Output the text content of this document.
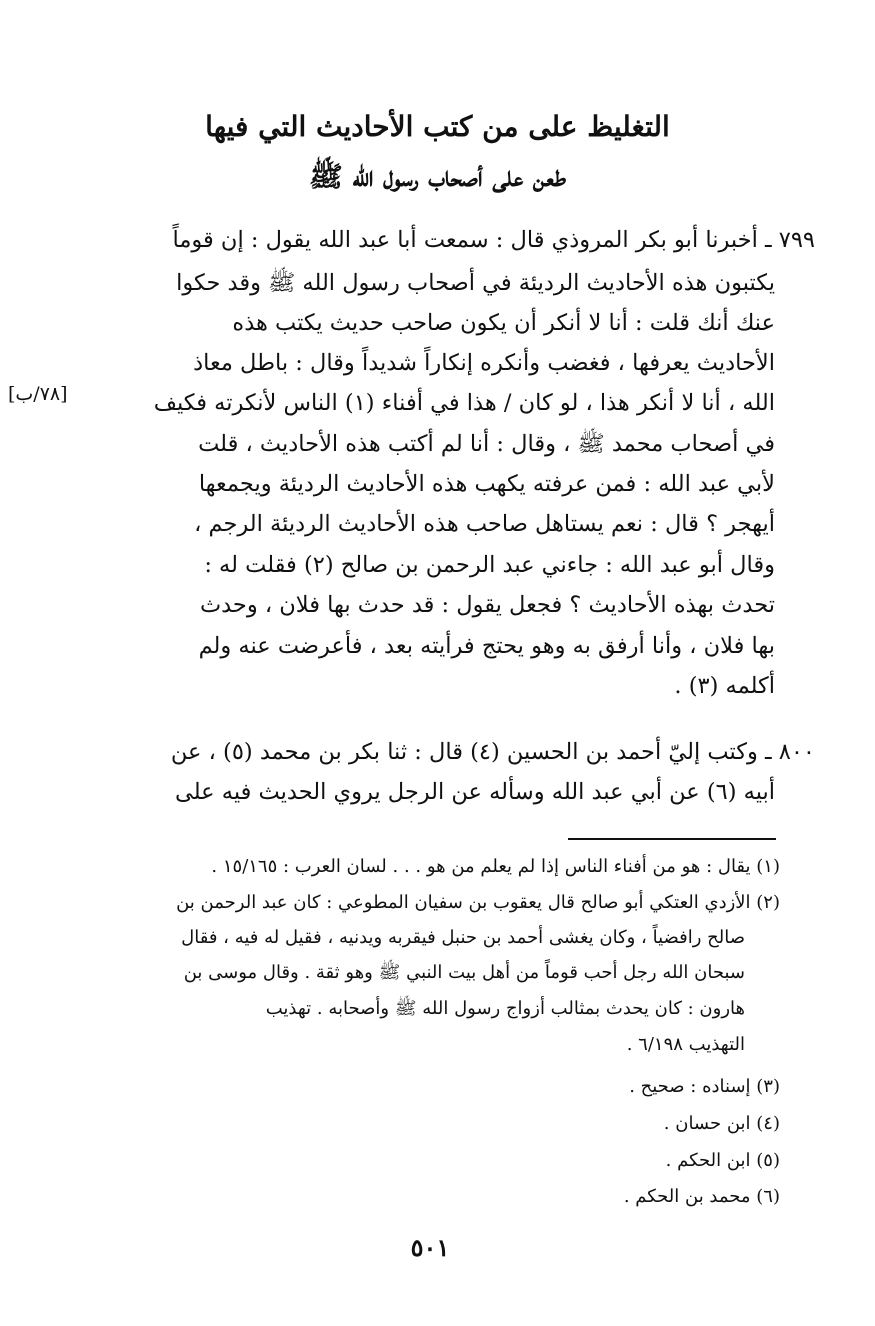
التغليظ على من كتب الأحاديث التي فيها
طعن على أصحاب رسول الله ﷺ
٧٩٩ ـ أخبرنا أبو بكر المروذي قال : سمعت أبا عبد الله يقول : إن قوماً
يكتبون هذه الأحاديث الرديئة في أصحاب رسول الله ﷺ وقد حكوا
عنك أنك قلت : أنا لا أنكر أن يكون صاحب حديث يكتب هذه
الأحاديث يعرفها ، فغضب وأنكره إنكاراً شديداً وقال : باطل معاذ
الله ، أنا لا أنكر هذا ، لو كان / هذا في أفناء (١) الناس لأنكرته فكيف
في أصحاب محمد ﷺ ، وقال : أنا لم أكتب هذه الأحاديث ، قلت
لأبي عبد الله : فمن عرفته يكهب هذه الأحاديث الرديئة ويجمعها
أيهجر ؟ قال : نعم يستاهل صاحب هذه الأحاديث الرديئة الرجم ،
وقال أبو عبد الله : جاءني عبد الرحمن بن صالح (٢) فقلت له :
تحدث بهذه الأحاديث ؟ فجعل يقول : قد حدث بها فلان ، وحدث
بها فلان ، وأنا أرفق به وهو يحتج فرأيته بعد ، فأعرضت عنه ولم
أكلمه (٣) .
[٧٨/ب]
٨٠٠ ـ وكتب إليّ أحمد بن الحسين (٤) قال : ثنا بكر بن محمد (٥) ، عن
أبيه (٦) عن أبي عبد الله وسأله عن الرجل يروي الحديث فيه على
(١) يقال : هو من أفناء الناس إذا لم يعلم من هو . . . لسان العرب : ١٥/١٦٥ .
(٢) الأزدي العتكي أبو صالح قال يعقوب بن سفيان المطوعي : كان عبد الرحمن بن
صالح رافضياً ، وكان يغشى أحمد بن حنبل فيقربه ويدنيه ، فقيل له فيه ، فقال
سبحان الله رجل أحب قوماً من أهل بيت النبي ﷺ وهو ثقة . وقال موسى بن
هارون : كان يحدث بمثالب أزواج رسول الله ﷺ وأصحابه . تهذيب
التهذيب ٦/١٩٨ .
(٣) إسناده : صحيح .
(٤) ابن حسان .
(٥) ابن الحكم .
(٦) محمد بن الحكم .
٥٠١
